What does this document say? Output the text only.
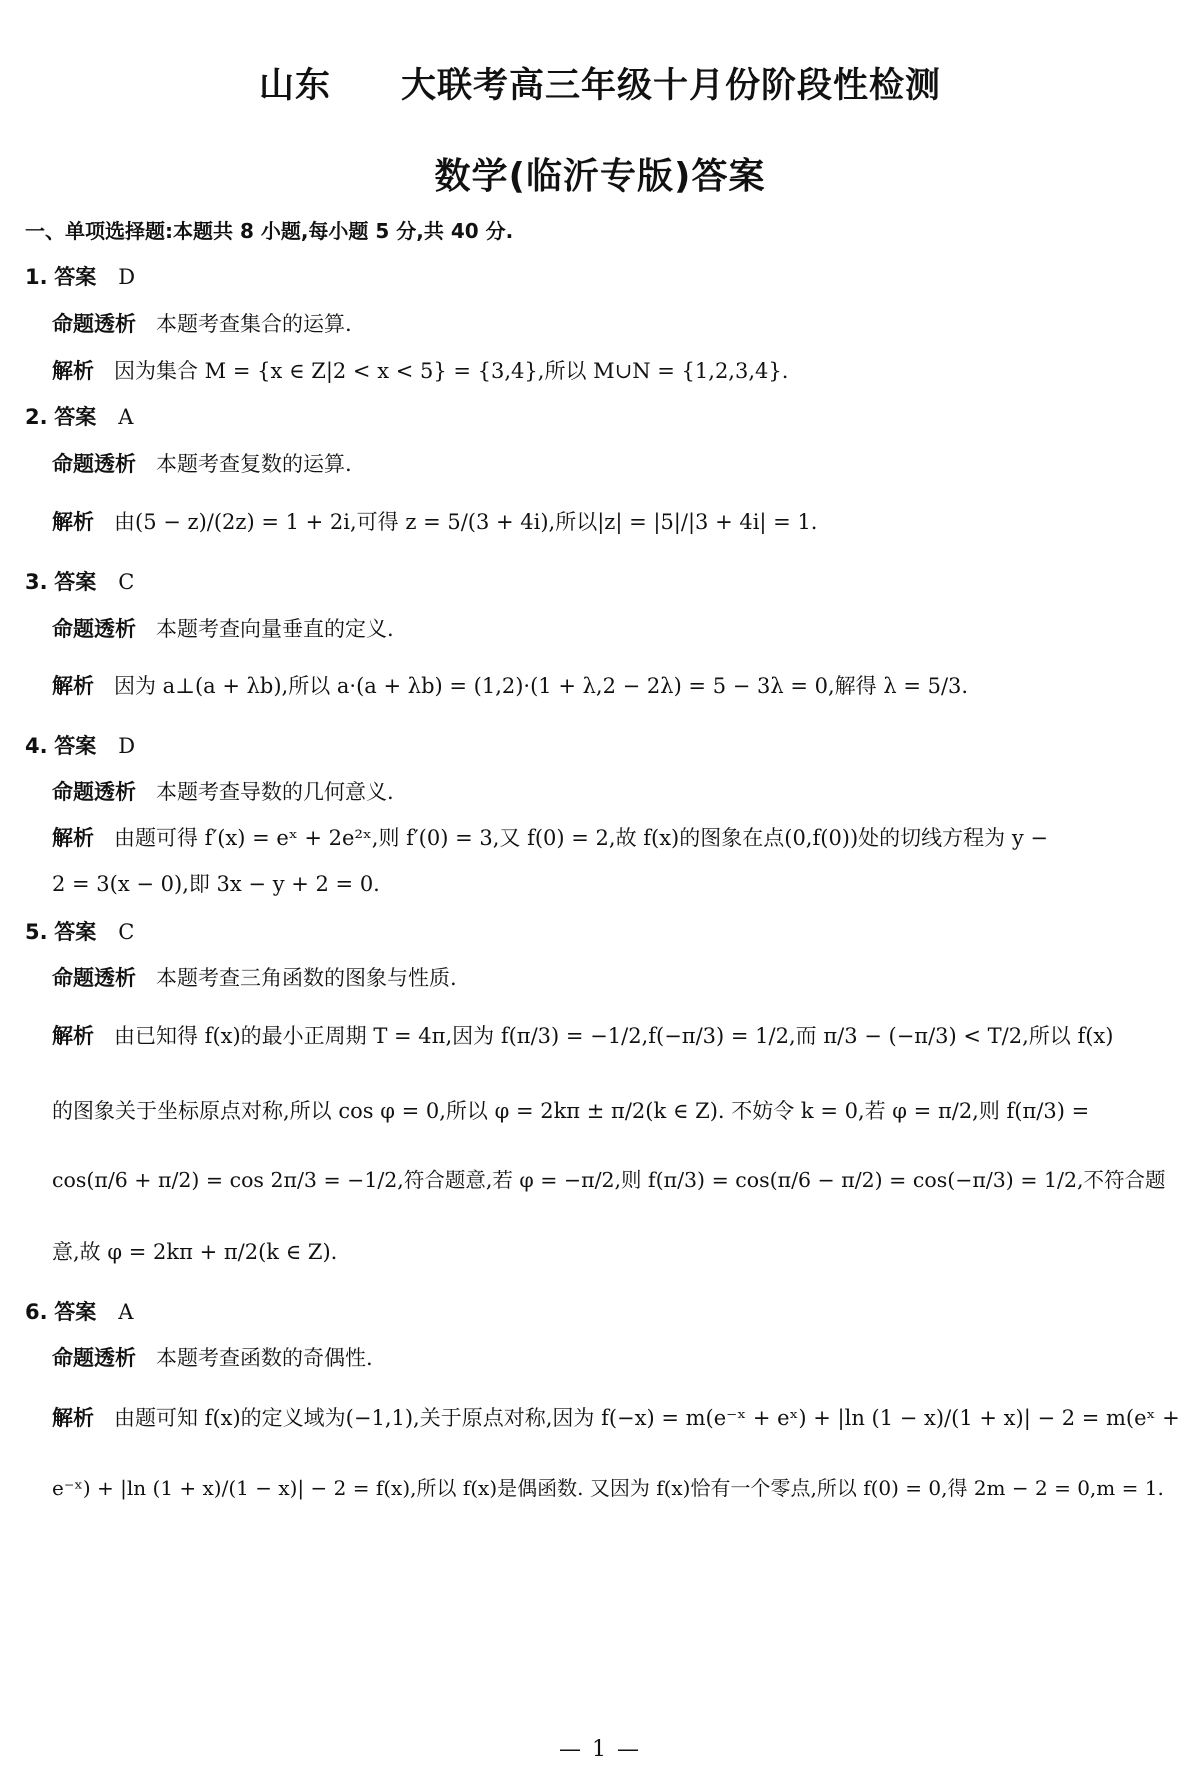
山东 大联考高三年级十月份阶段性检测
数学(临沂专版)答案
一、单项选择题:本题共 8 小题,每小题 5 分,共 40 分.
1. 答案 D
命题透析 本题考查集合的运算.
解析 因为集合 M = {x ∈ Z|2 < x < 5} = {3,4},所以 M∪N = {1,2,3,4}.
2. 答案 A
命题透析 本题考查复数的运算.
解析 由(5 − z)/(2z) = 1 + 2i,可得 z = 5/(3 + 4i),所以|z| = |5|/|3 + 4i| = 1.
3. 答案 C
命题透析 本题考查向量垂直的定义.
解析 因为 a⊥(a + λb),所以 a·(a + λb) = (1,2)·(1 + λ,2 − 2λ) = 5 − 3λ = 0,解得 λ = 5/3.
4. 答案 D
命题透析 本题考查导数的几何意义.
解析 由题可得 f′(x) = eˣ + 2e²ˣ,则 f′(0) = 3,又 f(0) = 2,故 f(x)的图象在点(0,f(0))处的切线方程为 y −
2 = 3(x − 0),即 3x − y + 2 = 0.
5. 答案 C
命题透析 本题考查三角函数的图象与性质.
解析 由已知得 f(x)的最小正周期 T = 4π,因为 f(π/3) = −1/2,f(−π/3) = 1/2,而 π/3 − (−π/3) < T/2,所以 f(x)
的图象关于坐标原点对称,所以 cos φ = 0,所以 φ = 2kπ ± π/2(k ∈ Z). 不妨令 k = 0,若 φ = π/2,则 f(π/3) =
cos(π/6 + π/2) = cos 2π/3 = −1/2,符合题意,若 φ = −π/2,则 f(π/3) = cos(π/6 − π/2) = cos(−π/3) = 1/2,不符合题
意,故 φ = 2kπ + π/2(k ∈ Z).
6. 答案 A
命题透析 本题考查函数的奇偶性.
解析 由题可知 f(x)的定义域为(−1,1),关于原点对称,因为 f(−x) = m(e⁻ˣ + eˣ) + |ln (1 − x)/(1 + x)| − 2 = m(eˣ +
e⁻ˣ) + |ln (1 + x)/(1 − x)| − 2 = f(x),所以 f(x)是偶函数. 又因为 f(x)恰有一个零点,所以 f(0) = 0,得 2m − 2 = 0,m = 1.
— 1 —
